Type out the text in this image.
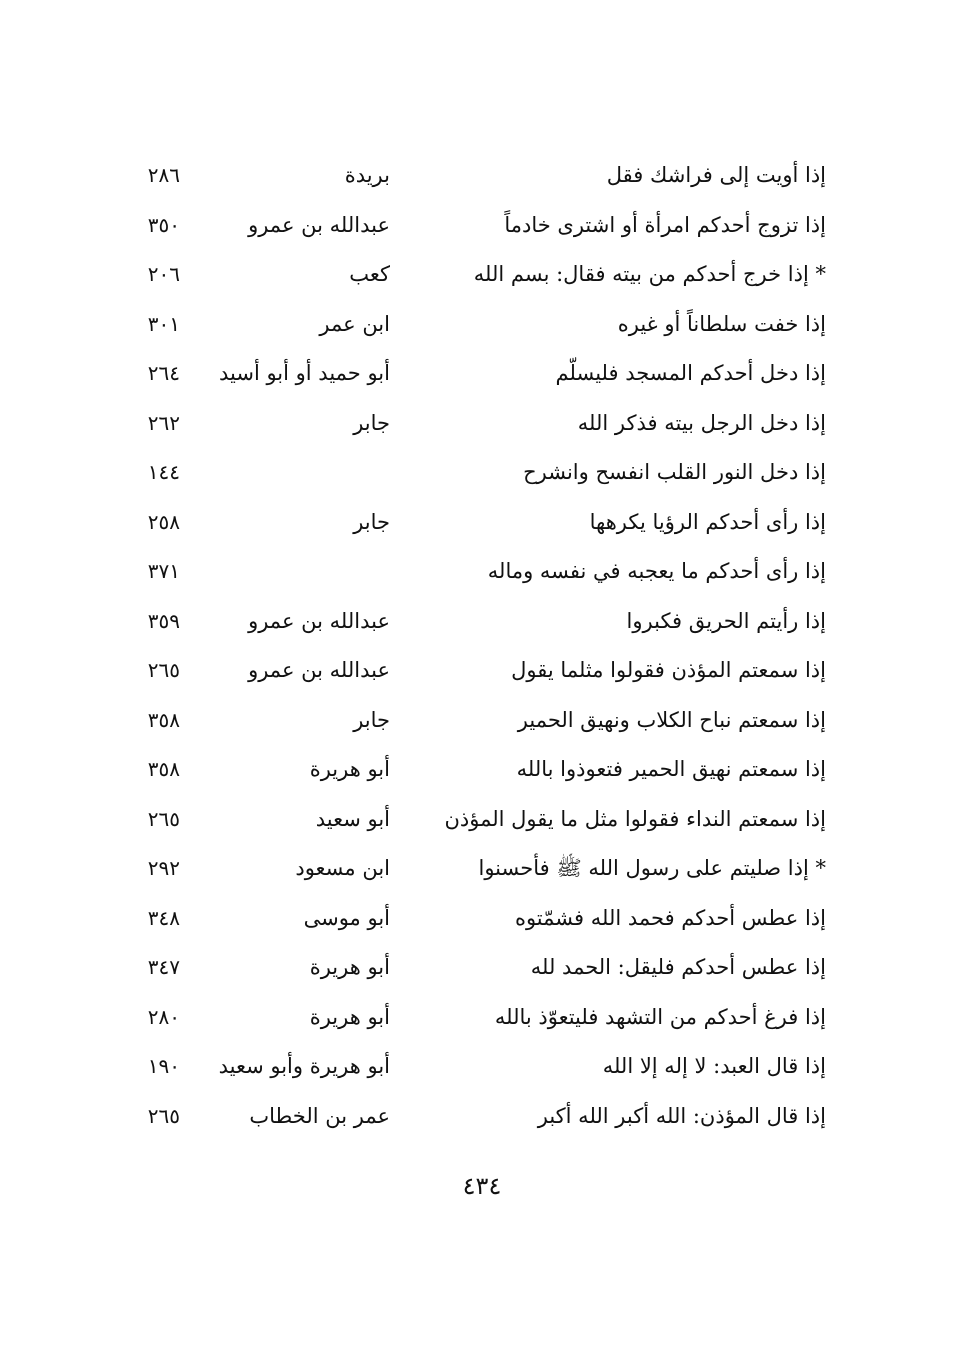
إذا أويت إلى فراشك فقل
بريدة
٢٨٦
إذا تزوج أحدكم امرأة أو اشترى خادماً
عبدالله بن عمرو
٣٥٠
* إذا خرج أحدكم من بيته فقال: بسم الله
كعب
٢٠٦
إذا خفت سلطاناً أو غيره
ابن عمر
٣٠١
إذا دخل أحدكم المسجد فليسلّم
أبو حميد أو أبو أسيد
٢٦٤
إذا دخل الرجل بيته فذكر الله
جابر
٢٦٢
إذا دخل النور القلب انفسح وانشرح
١٤٤
إذا رأى أحدكم الرؤيا يكرهها
جابر
٢٥٨
إذا رأى أحدكم ما يعجبه في نفسه وماله
٣٧١
إذا رأيتم الحريق فكبروا
عبدالله بن عمرو
٣٥٩
إذا سمعتم المؤذن فقولوا مثلما يقول
عبدالله بن عمرو
٢٦٥
إذا سمعتم نباح الكلاب ونهيق الحمير
جابر
٣٥٨
إذا سمعتم نهيق الحمير فتعوذوا بالله
أبو هريرة
٣٥٨
إذا سمعتم النداء فقولوا مثل ما يقول المؤذن
أبو سعيد
٢٦٥
* إذا صليتم على رسول الله ﷺ فأحسنوا
ابن مسعود
٢٩٢
إذا عطس أحدكم فحمد الله فشمّتوه
أبو موسى
٣٤٨
إذا عطس أحدكم فليقل: الحمد لله
أبو هريرة
٣٤٧
إذا فرغ أحدكم من التشهد فليتعوّذ بالله
أبو هريرة
٢٨٠
إذا قال العبد: لا إله إلا الله
أبو هريرة وأبو سعيد
١٩٠
إذا قال المؤذن: الله أكبر الله أكبر
عمر بن الخطاب
٢٦٥
٤٣٤
